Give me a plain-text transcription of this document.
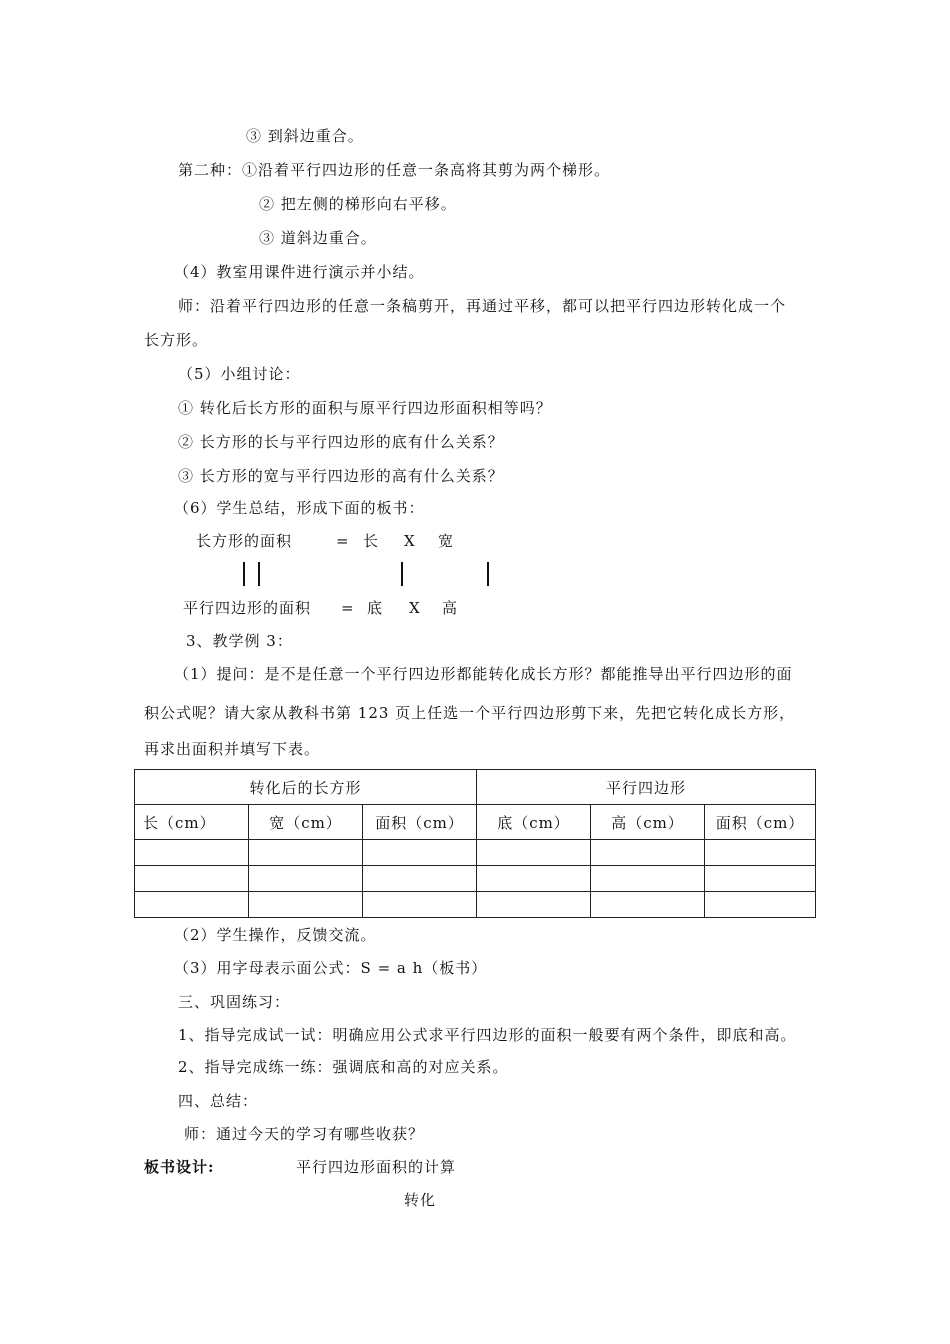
③ 到斜边重合。
第二种：①沿着平行四边形的任意一条高将其剪为两个梯形。
② 把左侧的梯形向右平移。
③ 道斜边重合。
（4）教室用课件进行演示并小结。
师：沿着平行四边形的任意一条稿剪开，再通过平移，都可以把平行四边形转化成一个
长方形。
（5）小组讨论：
① 转化后长方形的面积与原平行四边形面积相等吗？
② 长方形的长与平行四边形的底有什么关系？
③ 长方形的宽与平行四边形的高有什么关系？
（6）学生总结，形成下面的板书：
长方形的面积	= 长 X 宽
平行四边形的面积 = 底 X 高
3、教学例 3：
（1）提问：是不是任意一个平行四边形都能转化成长方形？都能推导出平行四边形的面
积公式呢？请大家从教科书第 123 页上任选一个平行四边形剪下来，先把它转化成长方形，
再求出面积并填写下表。
转化后的长方形			平行四边形		
长（cm）	宽（cm）	面积（cm）	底（cm）	高（cm）	面积（cm）

（2）学生操作，反馈交流。
（3）用字母表示面公式：S = a h（板书）
三、巩固练习：
1、指导完成试一试：明确应用公式求平行四边形的面积一般要有两个条件，即底和高。
2、指导完成练一练：强调底和高的对应关系。
四、总结：
师：通过今天的学习有哪些收获？
板书设计:	平行四边形面积的计算
转化
